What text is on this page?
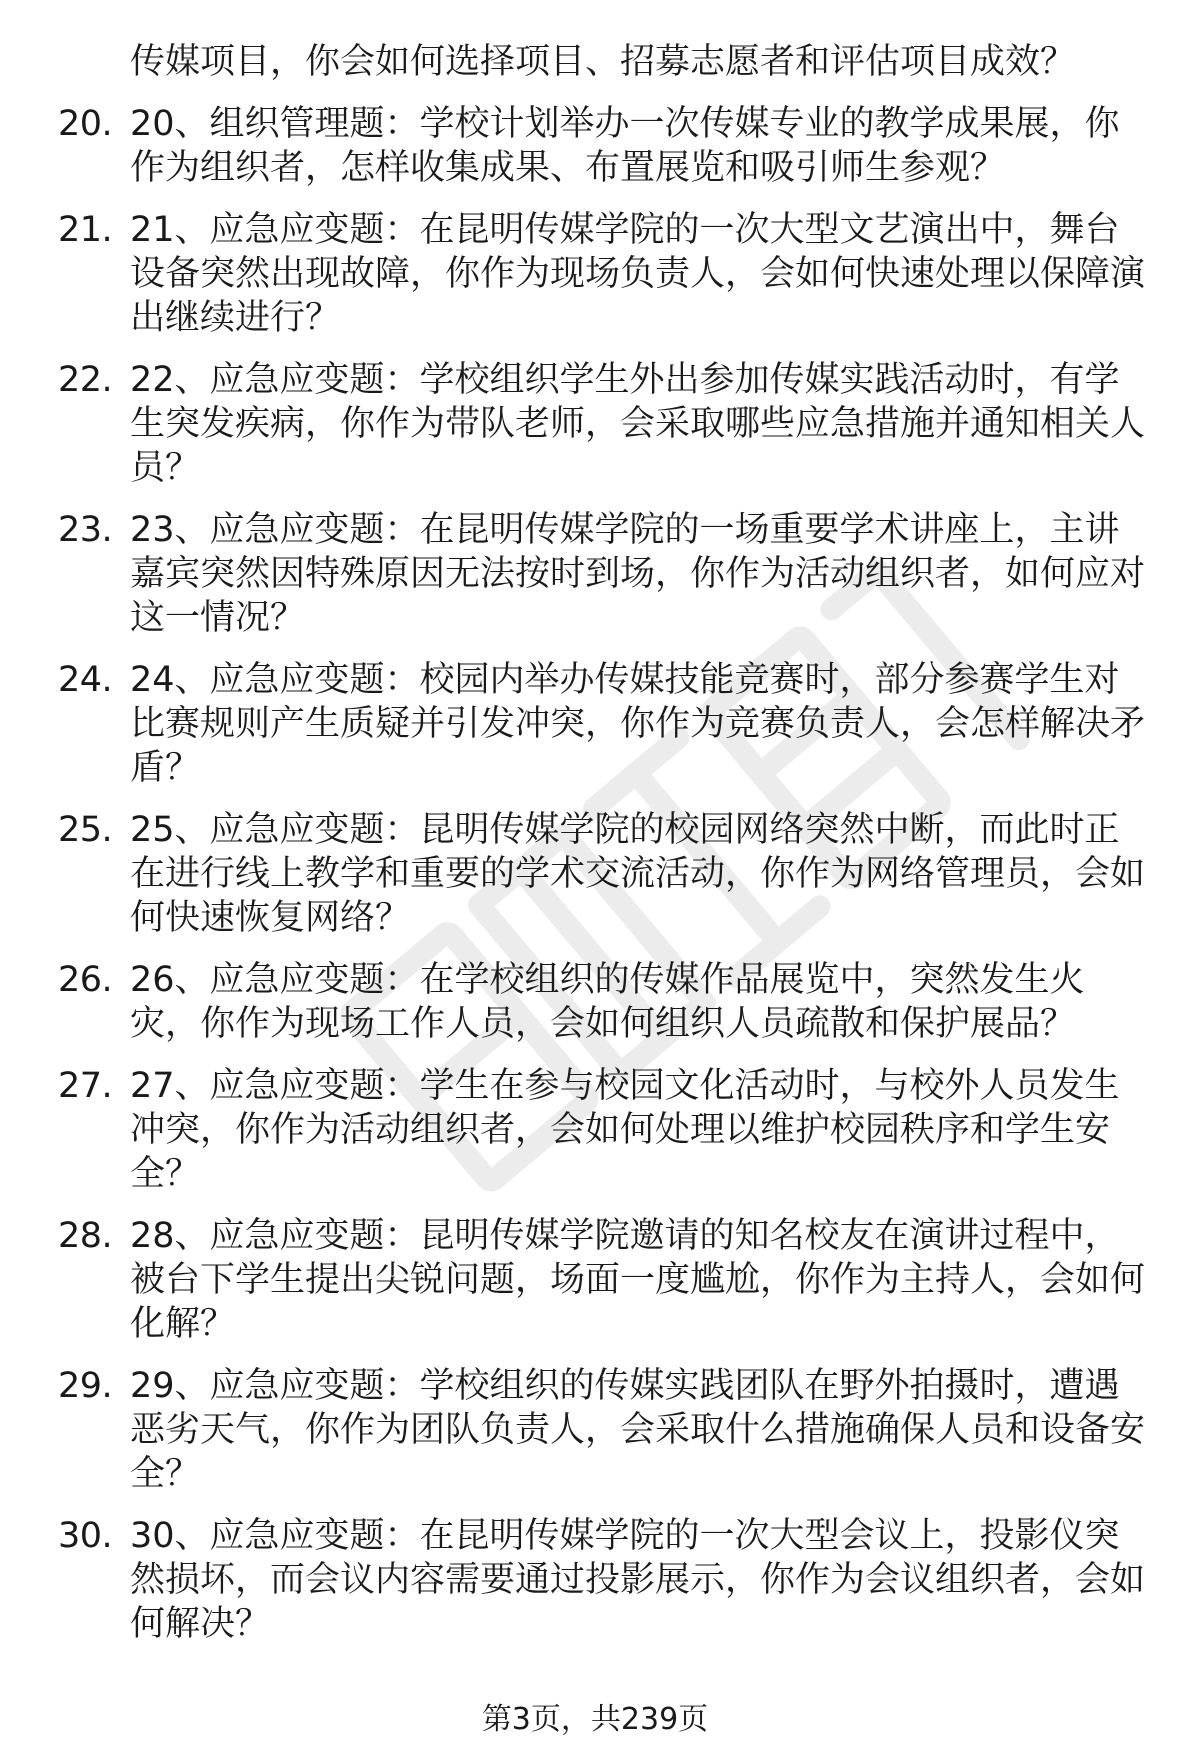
传媒项目，你会如何选择项目、招募志愿者和评估项目成效？
20. 20、组织管理题：学校计划举办一次传媒专业的教学成果展，你作为组织者，怎样收集成果、布置展览和吸引师生参观？
21. 21、应急应变题：在昆明传媒学院的一次大型文艺演出中，舞台设备突然出现故障，你作为现场负责人，会如何快速处理以保障演出继续进行？
22. 22、应急应变题：学校组织学生外出参加传媒实践活动时，有学生突发疾病，你作为带队老师，会采取哪些应急措施并通知相关人员？
23. 23、应急应变题：在昆明传媒学院的一场重要学术讲座上，主讲嘉宾突然因特殊原因无法按时到场，你作为活动组织者，如何应对这一情况？
24. 24、应急应变题：校园内举办传媒技能竞赛时，部分参赛学生对比赛规则产生质疑并引发冲突，你作为竞赛负责人，会怎样解决矛盾？
25. 25、应急应变题：昆明传媒学院的校园网络突然中断，而此时正在进行线上教学和重要的学术交流活动，你作为网络管理员，会如何快速恢复网络？
26. 26、应急应变题：在学校组织的传媒作品展览中，突然发生火灾，你作为现场工作人员，会如何组织人员疏散和保护展品？
27. 27、应急应变题：学生在参与校园文化活动时，与校外人员发生冲突，你作为活动组织者，会如何处理以维护校园秩序和学生安全？
28. 28、应急应变题：昆明传媒学院邀请的知名校友在演讲过程中，被台下学生提出尖锐问题，场面一度尴尬，你作为主持人，会如何化解？
29. 29、应急应变题：学校组织的传媒实践团队在野外拍摄时，遭遇恶劣天气，你作为团队负责人，会采取什么措施确保人员和设备安全？
30. 30、应急应变题：在昆明传媒学院的一次大型会议上，投影仪突然损坏，而会议内容需要通过投影展示，你作为会议组织者，会如何解决？
第3页，共239页
